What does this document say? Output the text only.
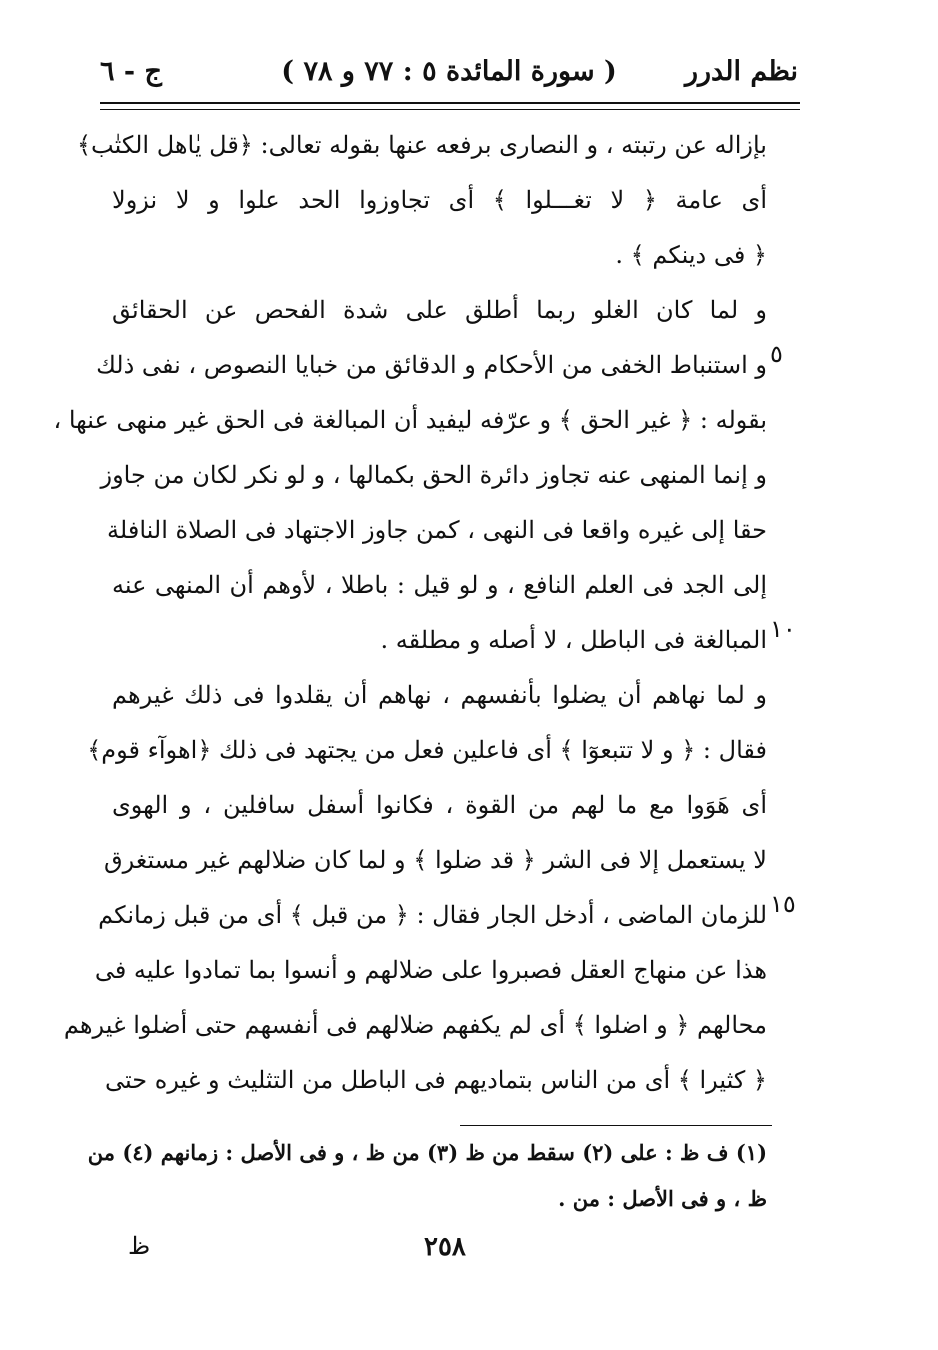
نظم الدرر
( سورة المائدة ٥ : ٧٧ و ٧٨ )
ج - ٦
بإزاله عن رتبته ، و النصارى برفعه عنها بقوله تعالى: ﴿قل يٰاهل الكتٰب﴾
أى عامة ﴿ لا تغـــلوا ﴾ أى تجاوزوا الحد علوا و لا نزولا
﴿ فى دينكم ﴾ .
و لما كان الغلو ربما أطلق على شدة الفحص عن الحقائق
و استنباط الخفى من الأحكام و الدقائق من خبايا النصوص ، نفى ذلك
بقوله : ﴿ غير الحق ﴾ و عرّفه ليفيد أن المبالغة فى الحق غير منهى عنها ،
و إنما المنهى عنه تجاوز دائرة الحق بكمالها ، و لو نكر لكان من جاوز
حقا إلى غيره واقعا فى النهى ، كمن جاوز الاجتهاد فى الصلاة النافلة
إلى الجد فى العلم النافع ، و لو قيل : باطلا ، لأوهم أن المنهى عنه
المبالغة فى الباطل ، لا أصله و مطلقه .
و لما نهاهم أن يضلوا بأنفسهم ، نهاهم أن يقلدوا فى ذلك غيرهم
فقال : ﴿ و لا تتبعوٓا ﴾ أى فاعلين فعل من يجتهد فى ذلك ﴿اهوآء قوم﴾
أى هَوَوا مع ما لهم من القوة ، فكانوا أسفل سافلين ، و الهوى
لا يستعمل إلا فى الشر ﴿ قد ضلوا ﴾ و لما كان ضلالهم غير مستغرق
للزمان الماضى ، أدخل الجار فقال : ﴿ من قبل ﴾ أى من قبل زمانكم
هذا عن منهاج العقل فصبروا على ضلالهم و أنسوا بما تمادوا عليه فى
محالهم ﴿ و اضلوا ﴾ أى لم يكفهم ضلالهم فى أنفسهم حتى أضلوا غيرهم
﴿ كثيرا ﴾ أى من الناس بتماديهم فى الباطل من التثليث و غيره حتى
٥
١٠
١٥
(١) ف ظ : على (٢) سقط من ظ (٣) من ظ ، و فى الأصل : زمانهم (٤) من
ظ ، و فى الأصل : من .
٢٥٨
ظ
